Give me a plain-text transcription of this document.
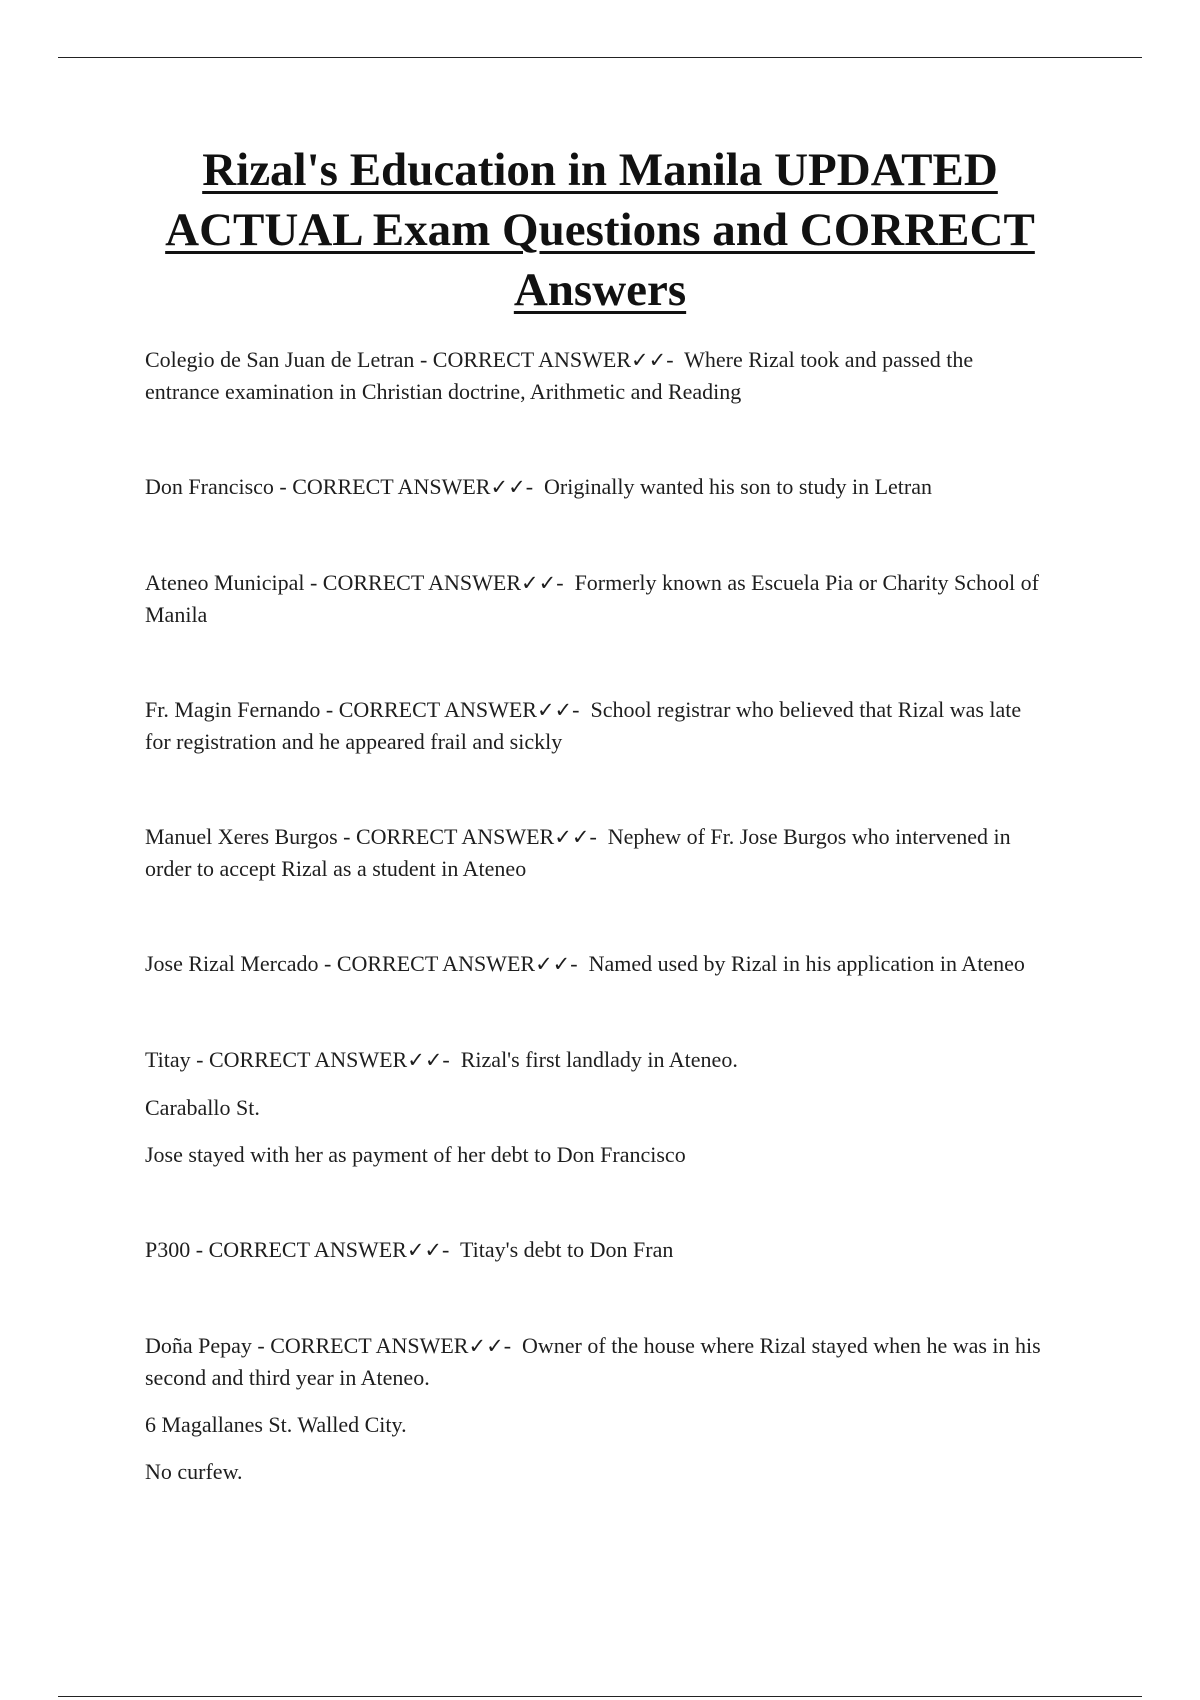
Rizal's Education in Manila UPDATED ACTUAL Exam Questions and CORRECT Answers

Colegio de San Juan de Letran - CORRECT ANSWER✓✓-  Where Rizal took and passed the entrance examination in Christian doctrine, Arithmetic and Reading

Don Francisco - CORRECT ANSWER✓✓-  Originally wanted his son to study in Letran

Ateneo Municipal - CORRECT ANSWER✓✓-  Formerly known as Escuela Pia or Charity School of Manila

Fr. Magin Fernando - CORRECT ANSWER✓✓-  School registrar who believed that Rizal was late for registration and he appeared frail and sickly

Manuel Xeres Burgos - CORRECT ANSWER✓✓-  Nephew of Fr. Jose Burgos who intervened in order to accept Rizal as a student in Ateneo

Jose Rizal Mercado - CORRECT ANSWER✓✓-  Named used by Rizal in his application in Ateneo

Titay - CORRECT ANSWER✓✓-  Rizal's first landlady in Ateneo.

Caraballo St.

Jose stayed with her as payment of her debt to Don Francisco

P300 - CORRECT ANSWER✓✓-  Titay's debt to Don Fran

Doña Pepay - CORRECT ANSWER✓✓-  Owner of the house where Rizal stayed when he was in his second and third year in Ateneo.

6 Magallanes St. Walled City.

No curfew.
